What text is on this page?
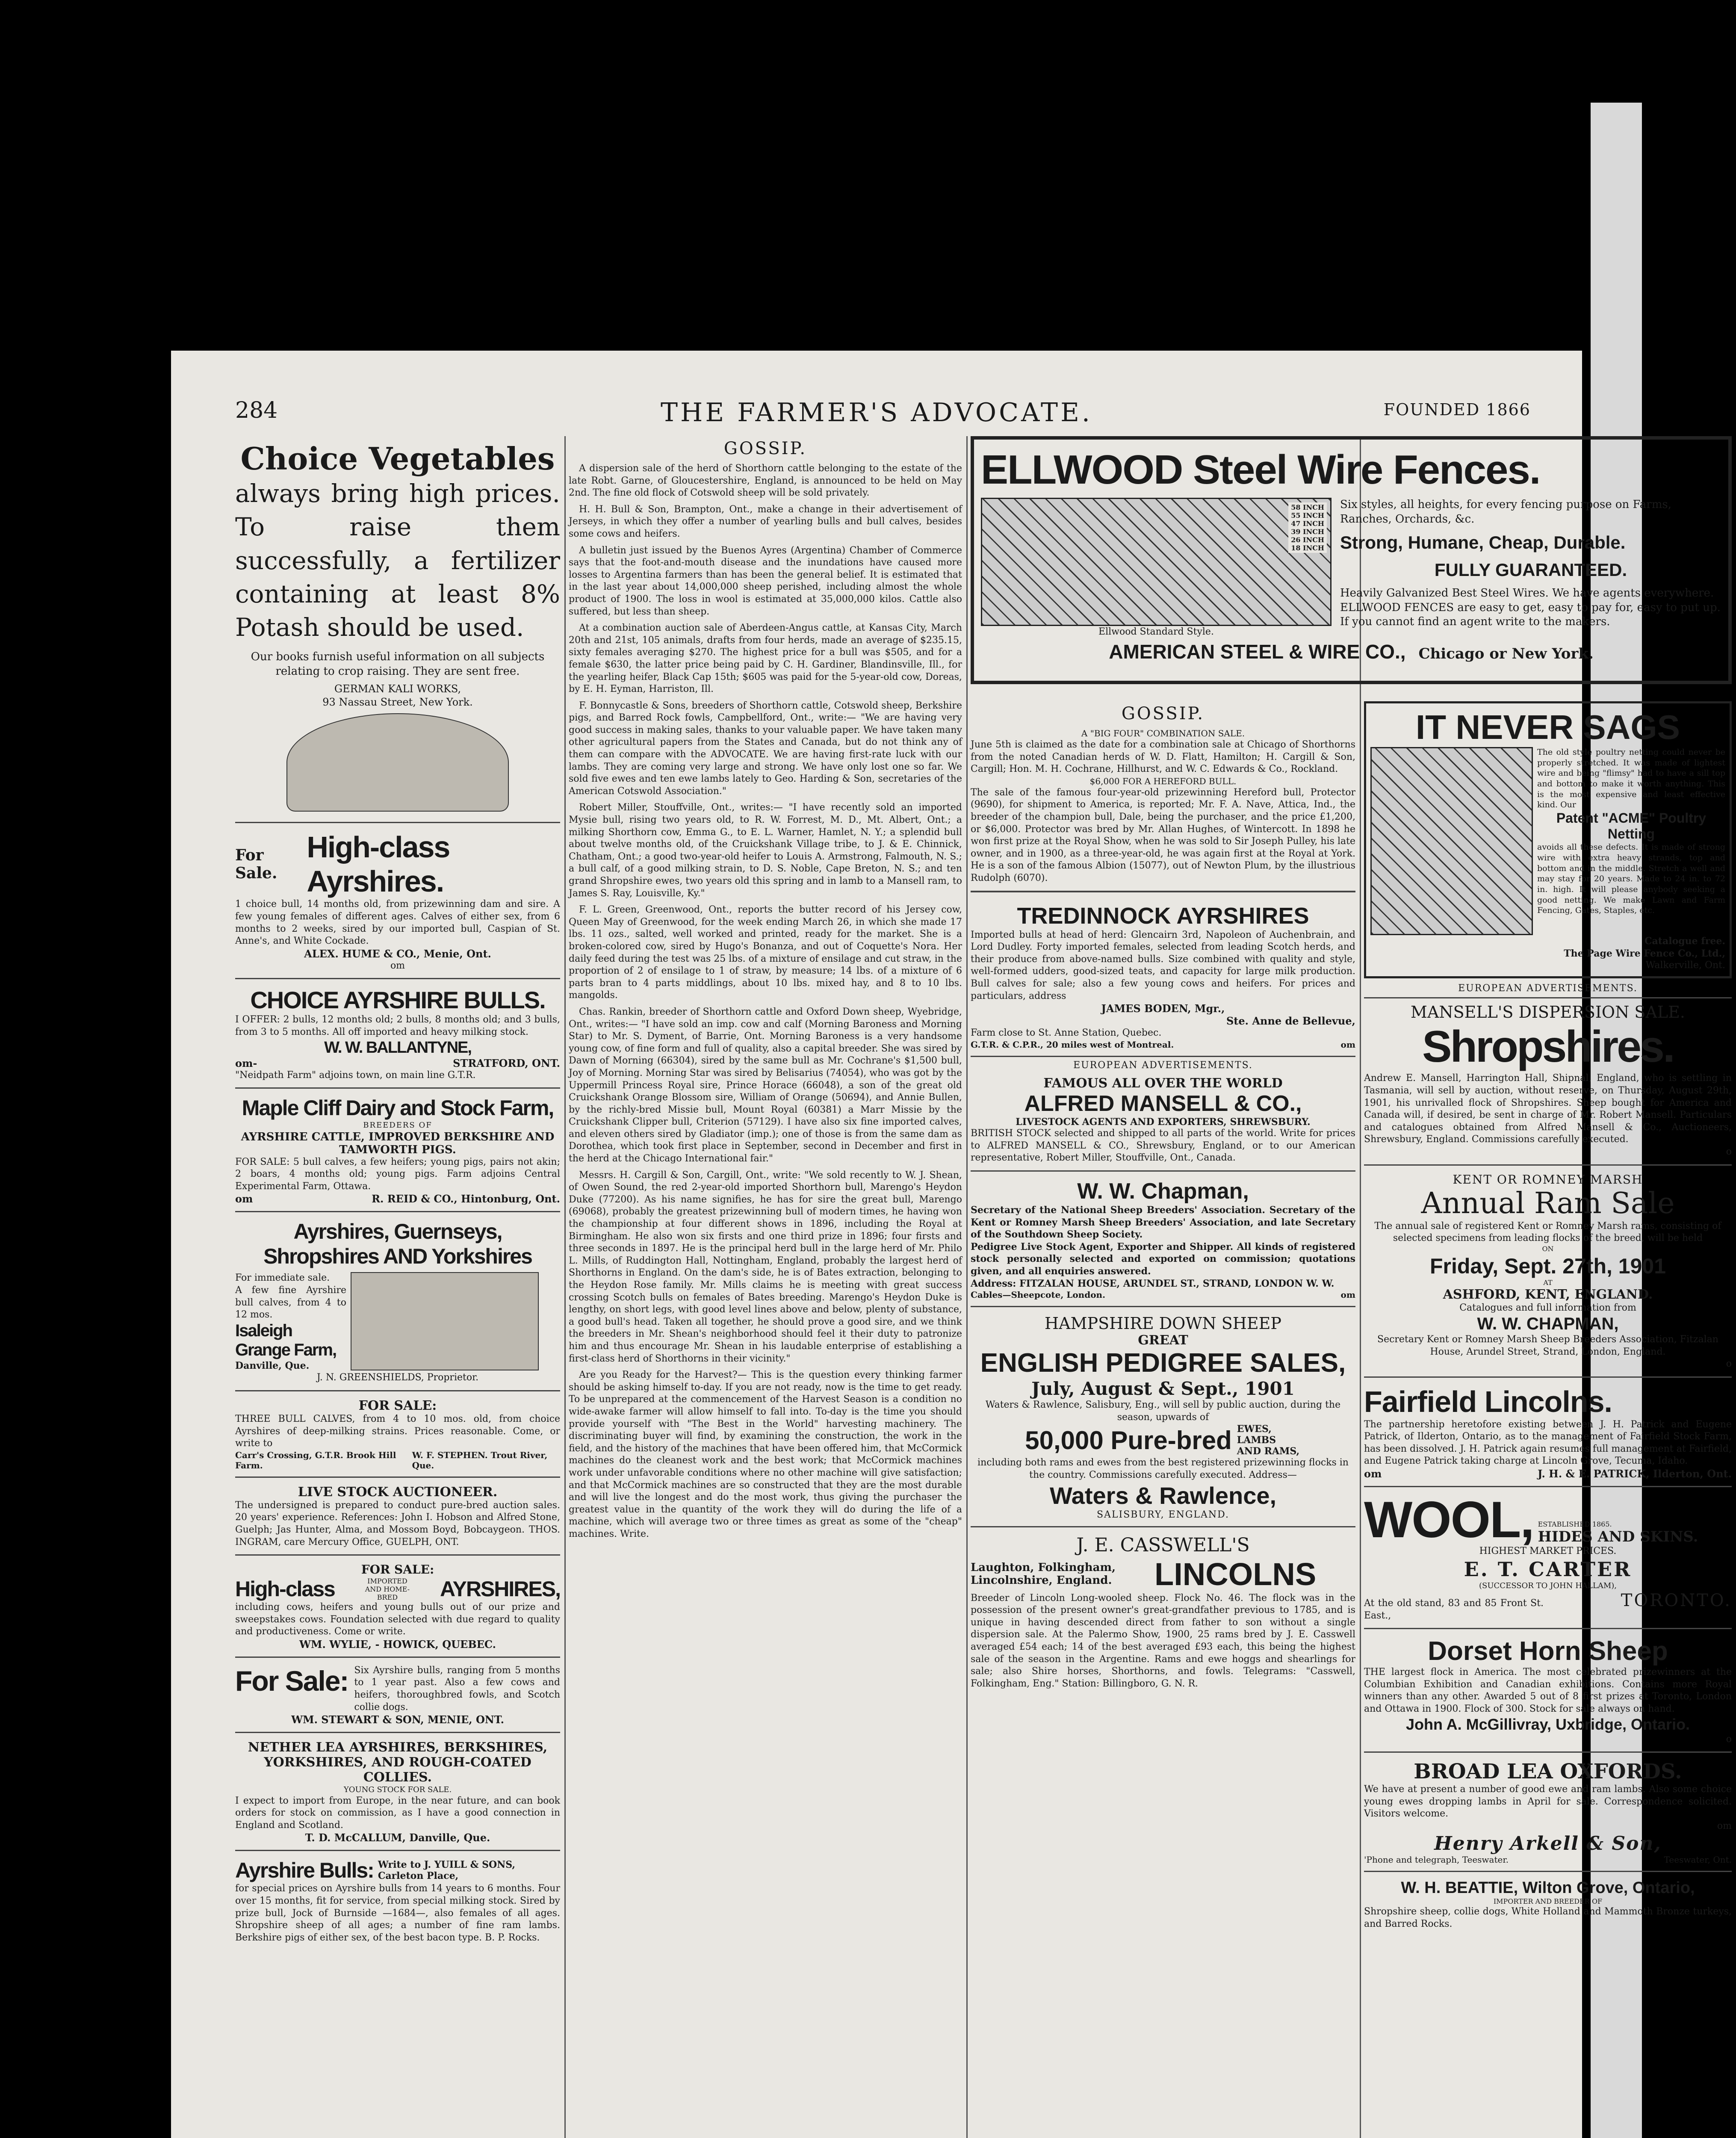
284	THE FARMER'S ADVOCATE.	FOUNDED 1866
Choice Vegetables
always bring high prices. To raise them successfully, a fertilizer containing at least 8% Potash should be used.
Our books furnish useful information on all subjects relating to crop raising. They are sent free.
GERMAN KALI WORKS,
93 Nassau Street, New York.
For Sale.
High-class Ayrshires.
1 choice bull, 14 months old, from prizewinning dam and sire. A few young females of different ages. Calves of either sex, from 6 months to 2 weeks, sired by our imported bull, Caspian of St. Anne's, and White Cockade.
ALEX. HUME & CO., Menie, Ont.
om
CHOICE AYRSHIRE BULLS.
I OFFER: 2 bulls, 12 months old; 2 bulls, 8 months old; and 3 bulls, from 3 to 5 months. All off imported and heavy milking stock.
W. W. BALLANTYNE,
om-	STRATFORD, ONT.
"Neidpath Farm" adjoins town, on main line G.T.R.
Maple Cliff Dairy and Stock Farm,
BREEDERS OF
AYRSHIRE CATTLE, IMPROVED BERKSHIRE AND TAMWORTH PIGS.
FOR SALE: 5 bull calves, a few heifers; young pigs, pairs not akin; 2 boars, 4 months old; young pigs. Farm adjoins Central Experimental Farm, Ottawa.
om	R. REID & CO., Hintonburg, Ont.
Ayrshires, Guernseys, Shropshires AND Yorkshires
For immediate sale.
A few fine Ayrshire bull calves, from 4 to 12 mos.
Isaleigh Grange Farm,
Danville, Que.
J. N. GREENSHIELDS, Proprietor.
FOR SALE:
THREE BULL CALVES, from 4 to 10 mos. old, from choice Ayrshires of deep-milking strains. Prices reasonable. Come, or write to
Carr's Crossing, G.T.R. Brook Hill Farm.
W. F. STEPHEN. Trout River, Que.
LIVE STOCK AUCTIONEER.
The undersigned is prepared to conduct pure-bred auction sales. 20 years' experience. References: John I. Hobson and Alfred Stone, Guelph; Jas Hunter, Alma, and Mossom Boyd, Bobcaygeon. THOS. INGRAM, care Mercury Office, GUELPH, ONT.
FOR SALE:
High-class	IMPORTED AND HOME-BRED	AYRSHIRES,
including cows, heifers and young bulls out of our prize and sweepstakes cows. Foundation selected with due regard to quality and productiveness. Come or write.
WM. WYLIE, - HOWICK, QUEBEC.
For Sale: Six Ayrshire bulls, ranging from 5 months to 1 year past. Also a few cows and heifers, thoroughbred fowls, and Scotch collie dogs.
WM. STEWART & SON, MENIE, ONT.
NETHER LEA AYRSHIRES, BERKSHIRES, YORKSHIRES, AND ROUGH-COATED COLLIES.
YOUNG STOCK FOR SALE.
I expect to import from Europe, in the near future, and can book orders for stock on commission, as I have a good connection in England and Scotland.
T. D. McCALLUM, Danville, Que.
Ayrshire Bulls: Write to J. YUILL & SONS, Carleton Place,
for special prices on Ayrshire bulls from 14 years to 6 months. Four over 15 months, fit for service, from special milking stock. Sired by prize bull, Jock of Burnside —1684—, also females of all ages. Shropshire sheep of all ages; a number of fine ram lambs. Berkshire pigs of either sex, of the best bacon type. B. P. Rocks.
GOSSIP.

A dispersion sale of the herd of Shorthorn cattle belonging to the estate of the late Robt. Garne, of Gloucestershire, England, is announced to be held on May 2nd. The fine old flock of Cotswold sheep will be sold privately.

H. H. Bull & Son, Brampton, Ont., make a change in their advertisement of Jerseys, in which they offer a number of yearling bulls and bull calves, besides some cows and heifers.

A bulletin just issued by the Buenos Ayres (Argentina) Chamber of Commerce says that the foot-and-mouth disease and the inundations have caused more losses to Argentina farmers than has been the general belief. It is estimated that in the last year about 14,000,000 sheep perished, including almost the whole product of 1900. The loss in wool is estimated at 35,000,000 kilos. Cattle also suffered, but less than sheep.

At a combination auction sale of Aberdeen-Angus cattle, at Kansas City, March 20th and 21st, 105 animals, drafts from four herds, made an average of $235.15, sixty females averaging $270. The highest price for a bull was $505, and for a female $630, the latter price being paid by C. H. Gardiner, Blandinsville, Ill., for the yearling heifer, Black Cap 15th; $605 was paid for the 5-year-old cow, Doreas, by E. H. Eyman, Harriston, Ill.

F. Bonnycastle & Sons, breeders of Shorthorn cattle, Cotswold sheep, Berkshire pigs, and Barred Rock fowls, Campbellford, Ont., write:— "We are having very good success in making sales, thanks to your valuable paper. We have taken many other agricultural papers from the States and Canada, but do not think any of them can compare with the ADVOCATE. We are having first-rate luck with our lambs. They are coming very large and strong. We have only lost one so far. We sold five ewes and ten ewe lambs lately to Geo. Harding & Son, secretaries of the American Cotswold Association."

Robert Miller, Stouffville, Ont., writes:— "I have recently sold an imported Mysie bull, rising two years old, to R. W. Forrest, M. D., Mt. Albert, Ont.; a milking Shorthorn cow, Emma G., to E. L. Warner, Hamlet, N. Y.; a splendid bull about twelve months old, of the Cruickshank Village tribe, to J. & E. Chinnick, Chatham, Ont.; a good two-year-old heifer to Louis A. Armstrong, Falmouth, N. S.; a bull calf, of a good milking strain, to D. S. Noble, Cape Breton, N. S.; and ten grand Shropshire ewes, two years old this spring and in lamb to a Mansell ram, to James S. Ray, Louisville, Ky."

F. L. Green, Greenwood, Ont., reports the butter record of his Jersey cow, Queen May of Greenwood, for the week ending March 26, in which she made 17 lbs. 11 ozs., salted, well worked and printed, ready for the market. She is a broken-colored cow, sired by Hugo's Bonanza, and out of Coquette's Nora. Her daily feed during the test was 25 lbs. of a mixture of ensilage and cut straw, in the proportion of 2 of ensilage to 1 of straw, by measure; 14 lbs. of a mixture of 6 parts bran to 4 parts middlings, about 10 lbs. mixed hay, and 8 to 10 lbs. mangolds.

Chas. Rankin, breeder of Shorthorn cattle and Oxford Down sheep, Wyebridge, Ont., writes:— "I have sold an imp. cow and calf (Morning Baroness and Morning Star) to Mr. S. Dyment, of Barrie, Ont. Morning Baroness is a very handsome young cow, of fine form and full of quality, also a capital breeder. She was sired by Dawn of Morning (66304), sired by the same bull as Mr. Cochrane's $1,500 bull, Joy of Morning. Morning Star was sired by Belisarius (74054), who was got by the Uppermill Princess Royal sire, Prince Horace (66048), a son of the great old Cruickshank Orange Blossom sire, William of Orange (50694), and Annie Bullen, by the richly-bred Missie bull, Mount Royal (60381) a Marr Missie by the Cruickshank Clipper bull, Criterion (57129). I have also six fine imported calves, and eleven others sired by Gladiator (imp.); one of those is from the same dam as Dorothea, which took first place in September, second in December and first in the herd at the Chicago International fair."

Messrs. H. Cargill & Son, Cargill, Ont., write: "We sold recently to W. J. Shean, of Owen Sound, the red 2-year-old imported Shorthorn bull, Marengo's Heydon Duke (77200). As his name signifies, he has for sire the great bull, Marengo (69068), probably the greatest prizewinning bull of modern times, he having won the championship at four different shows in 1896, including the Royal at Birmingham. He also won six firsts and one third prize in 1896; four firsts and three seconds in 1897. He is the principal herd bull in the large herd of Mr. Philo L. Mills, of Ruddington Hall, Nottingham, England, probably the largest herd of Shorthorns in England. On the dam's side, he is of Bates extraction, belonging to the Heydon Rose family. Mr. Mills claims he is meeting with great success crossing Scotch bulls on females of Bates breeding. Marengo's Heydon Duke is lengthy, on short legs, with good level lines above and below, plenty of substance, a good bull's head. Taken all together, he should prove a good sire, and we think the breeders in Mr. Shean's neighborhood should feel it their duty to patronize him and thus encourage Mr. Shean in his laudable enterprise of establishing a first-class herd of Shorthorns in their vicinity."

Are you Ready for the Harvest?— This is the question every thinking farmer should be asking himself to-day. If you are not ready, now is the time to get ready. To be unprepared at the commencement of the Harvest Season is a condition no wide-awake farmer will allow himself to fall into. To-day is the time you should provide yourself with "The Best in the World" harvesting machinery. The discriminating buyer will find, by examining the construction, the work in the field, and the history of the machines that have been offered him, that McCormick machines do the cleanest work and the best work; that McCormick machines work under unfavorable conditions where no other machine will give satisfaction; and that McCormick machines are so constructed that they are the most durable and will live the longest and do the most work, thus giving the purchaser the greatest value in the quantity of the work they will do during the life of a machine, which will average two or three times as great as some of the "cheap" machines. Write.

ELLWOOD Steel Wire Fences.
58 INCH
55 INCH
47 INCH
39 INCH
26 INCH
18 INCH
Ellwood Standard Style.

Six styles, all heights, for every fencing purpose on Farms, Ranches, Orchards, &c.

Strong, Humane, Cheap, Durable.

FULLY GUARANTEED.

Heavily Galvanized Best Steel Wires. We have agents everywhere. ELLWOOD FENCES are easy to get, easy to pay for, easy to put up. If you cannot find an agent write to the makers.

AMERICAN STEEL & WIRE CO., Chicago or New York.
GOSSIP.
A "BIG FOUR" COMBINATION SALE.
June 5th is claimed as the date for a combination sale at Chicago of Shorthorns from the noted Canadian herds of W. D. Flatt, Hamilton; H. Cargill & Son, Cargill; Hon. M. H. Cochrane, Hillhurst, and W. C. Edwards & Co., Rockland.
$6,000 FOR A HEREFORD BULL.
The sale of the famous four-year-old prizewinning Hereford bull, Protector (9690), for shipment to America, is reported; Mr. F. A. Nave, Attica, Ind., the breeder of the champion bull, Dale, being the purchaser, and the price £1,200, or $6,000. Protector was bred by Mr. Allan Hughes, of Wintercott. In 1898 he won first prize at the Royal Show, when he was sold to Sir Joseph Pulley, his late owner, and in 1900, as a three-year-old, he was again first at the Royal at York. He is a son of the famous Albion (15077), out of Newton Plum, by the illustrious Rudolph (6070).
TREDINNOCK AYRSHIRES
Imported bulls at head of herd: Glencairn 3rd, Napoleon of Auchenbrain, and Lord Dudley. Forty imported females, selected from leading Scotch herds, and their produce from above-named bulls. Size combined with quality and style, well-formed udders, good-sized teats, and capacity for large milk production. Bull calves for sale; also a few young cows and heifers. For prices and particulars, address
JAMES BODEN, Mgr.,
Ste. Anne de Bellevue,
Farm close to St. Anne Station, Quebec.
G.T.R. & C.P.R., 20 miles west of Montreal.	om
EUROPEAN ADVERTISEMENTS.
FAMOUS ALL OVER THE WORLD
ALFRED MANSELL & CO.,
LIVESTOCK AGENTS AND EXPORTERS, SHREWSBURY.
BRITISH STOCK selected and shipped to all parts of the world. Write for prices to ALFRED MANSELL & CO., Shrewsbury, England, or to our American representative, Robert Miller, Stouffville, Ont., Canada.
W. W. Chapman,
Secretary of the National Sheep Breeders' Association. Secretary of the Kent or Romney Marsh Sheep Breeders' Association, and late Secretary of the Southdown Sheep Society.
Pedigree Live Stock Agent, Exporter and Shipper. All kinds of registered stock personally selected and exported on commission; quotations given, and all enquiries answered.
Address: FITZALAN HOUSE, ARUNDEL ST., STRAND, LONDON W. W.
Cables—Sheepcote, London.	om
HAMPSHIRE DOWN SHEEP
GREAT
ENGLISH PEDIGREE SALES,
July, August & Sept., 1901
Waters & Rawlence, Salisbury, Eng., will sell by public auction, during the season, upwards of
50,000 Pure-bred EWES, LAMBS AND RAMS,
including both rams and ewes from the best registered prizewinning flocks in the country. Commissions carefully executed. Address—
Waters & Rawlence,
SALISBURY, ENGLAND.
J. E. CASSWELL'S
Laughton, Folkingham, Lincolnshire, England.	LINCOLNS
Breeder of Lincoln Long-wooled sheep. Flock No. 46. The flock was in the possession of the present owner's great-grandfather previous to 1785, and is unique in having descended direct from father to son without a single dispersion sale. At the Palermo Show, 1900, 25 rams bred by J. E. Casswell averaged £54 each; 14 of the best averaged £93 each, this being the highest sale of the season in the Argentine. Rams and ewe hoggs and shearlings for sale; also Shire horses, Shorthorns, and fowls. Telegrams: "Casswell, Folkingham, Eng." Station: Billingboro, G. N. R.
IT NEVER SAGS
The old style poultry netting could never be properly stretched. It was made of lightest wire and being "flimsy" had to have a sill top and bottom to make it worth anything. This is the most expensive and least effective kind. Our
Patent "ACME" Poultry Netting
avoids all these defects. It is made of strong wire with extra heavy strands, top and bottom and in the middle. Stretch a well and may stay for 20 years. Made to 24 in. to 72 in. high. It will please anybody seeking a good netting. We make Lawn and Farm Fencing, Gates, Staples, etc.
Catalogue free.
The Page Wire Fence Co., Ltd.,
Walkerville, Ont.
EUROPEAN ADVERTISEMENTS.
MANSELL'S DISPERSION SALE.
Shropshires.
Andrew E. Mansell, Harrington Hall, Shipnal, England, who is settling in Tasmania, will sell by auction, without reserve, on Thursday, August 29th, 1901, his unrivalled flock of Shropshires. Sheep bought for America and Canada will, if desired, be sent in charge of Mr. Robert Mansell. Particulars and catalogues obtained from Alfred Mansell & Co., Auctioneers, Shrewsbury, England. Commissions carefully executed.
o
KENT OR ROMNEY MARSH
Annual Ram Sale
The annual sale of registered Kent or Romney Marsh rams, consisting of selected specimens from leading flocks of the breed, will be held
ON
Friday, Sept. 27th, 1901
AT
ASHFORD, KENT, ENGLAND.
Catalogues and full information from
W. W. CHAPMAN,
Secretary Kent or Romney Marsh Sheep Breeders Association, Fitzalan House, Arundel Street, Strand, London, England.
o
Fairfield Lincolns.
The partnership heretofore existing between J. H. Patrick and Eugene Patrick, of Ilderton, Ontario, as to the management of Fairfield Stock Farm, has been dissolved. J. H. Patrick again resumes full management at Fairfield, and Eugene Patrick taking charge at Lincoln Grove, Tecuma, Idaho.
om	J. H. & E. PATRICK, Ilderton, Ont.
WOOL, ESTABLISHED 1865.
HIDES AND SKINS.
HIGHEST MARKET PRICES.
E. T. CARTER
(SUCCESSOR TO JOHN HALLAM),
At the old stand, 83 and 85 Front St. East.,
TORONTO.
Dorset Horn Sheep
THE largest flock in America. The most celebrated prizewinners at the Columbian Exhibition and Canadian exhibitions. Contains more Royal winners than any other. Awarded 5 out of 8 first prizes at Toronto, London and Ottawa in 1900. Flock of 300. Stock for sale always on hand.
John A. McGillivray, Uxbridge, Ontario.
o
BROAD LEA OXFORDS.
We have at present a number of good ewe and ram lambs. Also some choice young ewes dropping lambs in April for sale. Correspondence solicited. Visitors welcome.
om
Henry Arkell & Son,
'Phone and telegraph, Teeswater.	Teeswater, Ont.
W. H. BEATTIE, Wilton Grove, Ontario,
IMPORTER AND BREEDER OF
Shropshire sheep, collie dogs, White Holland and Mammoth Bronze turkeys, and Barred Rocks.
